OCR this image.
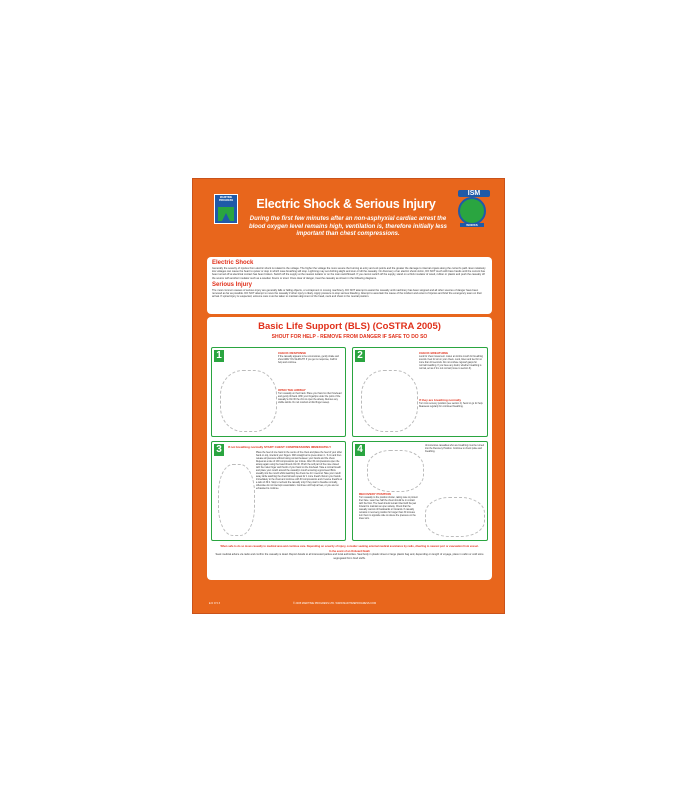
MARITIME PROGRESS	Electric Shock & Serious Injury
During the first few minutes after an non-asphyxial cardiac arrest the blood oxygen level remains high, ventilation is, therefore initially less important than chest compressions.
ISM
WORKS
Electric Shock
Generally the severity of injuries from electric shock is related to the voltage. The higher the voltage the more severe the burning at entry and exit points and the greater the damage to internal organs along the current's path. Even relatively low voltages can cause the heart to quiver or stop in which case breathing will stop. Lightning may set clothing alight and stun or kill the casualty. On discovery of an electric shock victim, DO NOT touch with bare hands until the current has been turned off at electrical contact has been broken. Switch off the supply at the nearest isolator or on the main switchboard. If you cannot switch off the supply, stand on a thick insulator of wood, rubber or plastic and push the casualty off the source with another insulator such as a wooden broom or stool. Once clear of danger, treat the casualty as shown in the following diagrams.
Serious Injury
The most common causes of serious injury are generally falls or falling objects, or entrapment in moving machinery. DO NOT attempt to assist the casualty until machinery has been stopped and all other sources of danger have been removed as far as possible. DO NOT attempt to move the casualty if other injury is likely. Apply pressure to stop serious bleeding. Attempt to ascertain the cause of the incident and extent of injuries and brief the emergency team on their arrival. If spinal injury is suspected, extreme care must be taken to maintain alignment of the head, neck and chest in the neutral position.
Basic Life Support (BLS) (CoSTRA 2005)
SHOUT FOR HELP - REMOVE FROM DANGER IF SAFE TO DO SO
1	CHECK RESPONSE
If the casualty appears to be unconscious, gently shake and shout ARE YOU ALRIGHT. If you get no response, Call for help and continue.
OPEN THE AIRWAY
Turn casualty on their back. Place your hand on their forehead and gently tilt back. With your fingertips under the point of the casualty's chin lift the chin to open the airway. Remove any visible debris. Do not conduct a blind finger sweep.
2	CHECK BREATHING
Look for chest movement. Listen at victims mouth for breathing sounds. Feel for air on your cheek. Look, listen and feel for no more than 10 seconds. Do not confuse 'agonal' gasps for normal breathing. If you have any doubt, whether breathing is normal, act as if it is not normal (move to section 3).
If they are breathing normally
Turn into recovery position (see section 4). Send or go for help. Reassess regularly for continued breathing.
3	If not breathing normally START CHEST COMPRESSIONS IMMEDIATELY
Place the heel of one hand in the centre of the chest and place the heel of your other hand on top, interlock your fingers. With straight arms press down 4 - 5 cm and then release all pressure without losing contact between your hands and the chest. Repeat at a rate of 100 compressions per minute. After 30 compressions open the airway again using the head tilt and chin lift. Pinch the soft part of the nose closed with the index finger and thumb of your hand on the forehead. Take a normal breath and place your mouth around the casualty's mouth ensuring a good seal. Blow steadily into the mouth whilst watching the chest rise for 1 second. Take your mouth away while watching the chest fall and repeat for 1 more breath. Return your hands immediately to the chest and continue with 30 compressions and 2 rescue breaths at a ratio of 30:2. Stop to recheck the casualty only if they start to breathe normally, otherwise do not interrupt resuscitation. Continue until help arrives, or you are too exhausted to continue.
4	Unconscious casualties who are breathing must be turned into the Recovery Position. Continue to check pulse and breathing.
RECOVERY POSITION
Turn casualty to the position shown, taking care to protect their face. Lean free half the chest should be in contact with the floor. The head should remain tilted with the jaw forward to maintain an open airway. Check that the casualty cannot roll backwards or forwards. If casualty remains in recovery position for longer than 30 minutes turn them to opposite side to relieve the pressure on the lower arm.
When safe to do so move casualty to medical area and continue care. Depending on severity of injury, consider seeking external medical assistance by radio, diverting to nearest port or evacuation from vessel.
In the event of an Onboard Death
Seek medical advice via radio and confirm the casualty is dead. Report details to all interested parties and local authorities. Seal body in plastic sheet or large plastic bag and, depending on length of voyage, place in cabin or cold store segregated from food stuffs.
E D O 5 3	© 2005 MARITIME PROGRESS LTD. WWW.MARITIMEPROGRESS.COM
